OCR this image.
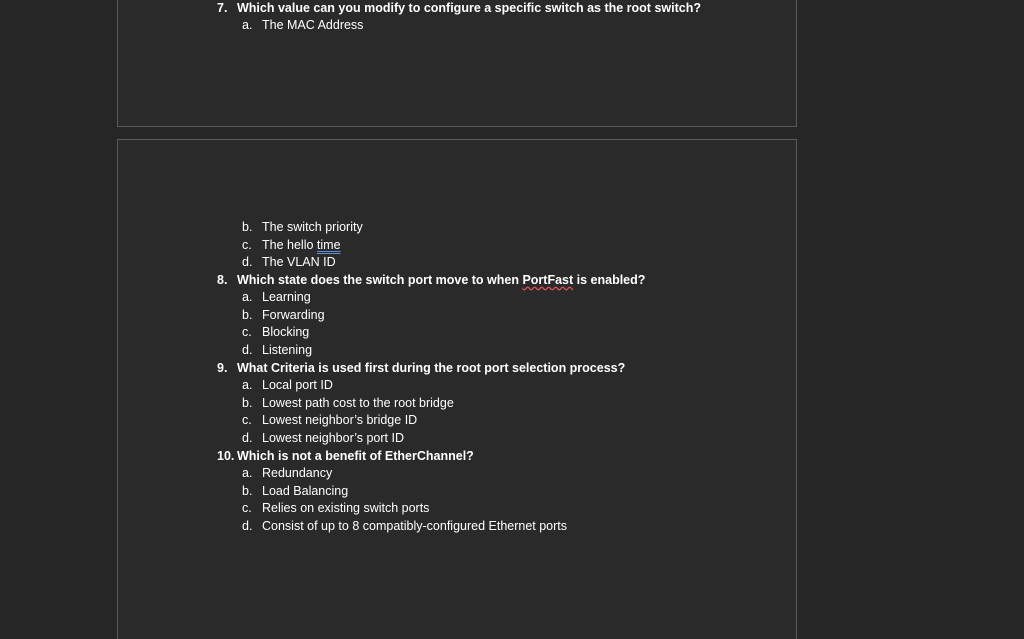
7. Which value can you modify to configure a specific switch as the root switch?
a. The MAC Address
b. The switch priority
c. The hello time
d. The VLAN ID
8. Which state does the switch port move to when PortFast is enabled?
a. Learning
b. Forwarding
c. Blocking
d. Listening
9. What Criteria is used first during the root port selection process?
a. Local port ID
b. Lowest path cost to the root bridge
c. Lowest neighbor’s bridge ID
d. Lowest neighbor’s port ID
10. Which is not a benefit of EtherChannel?
a. Redundancy
b. Load Balancing
c. Relies on existing switch ports
d. Consist of up to 8 compatibly-configured Ethernet ports
